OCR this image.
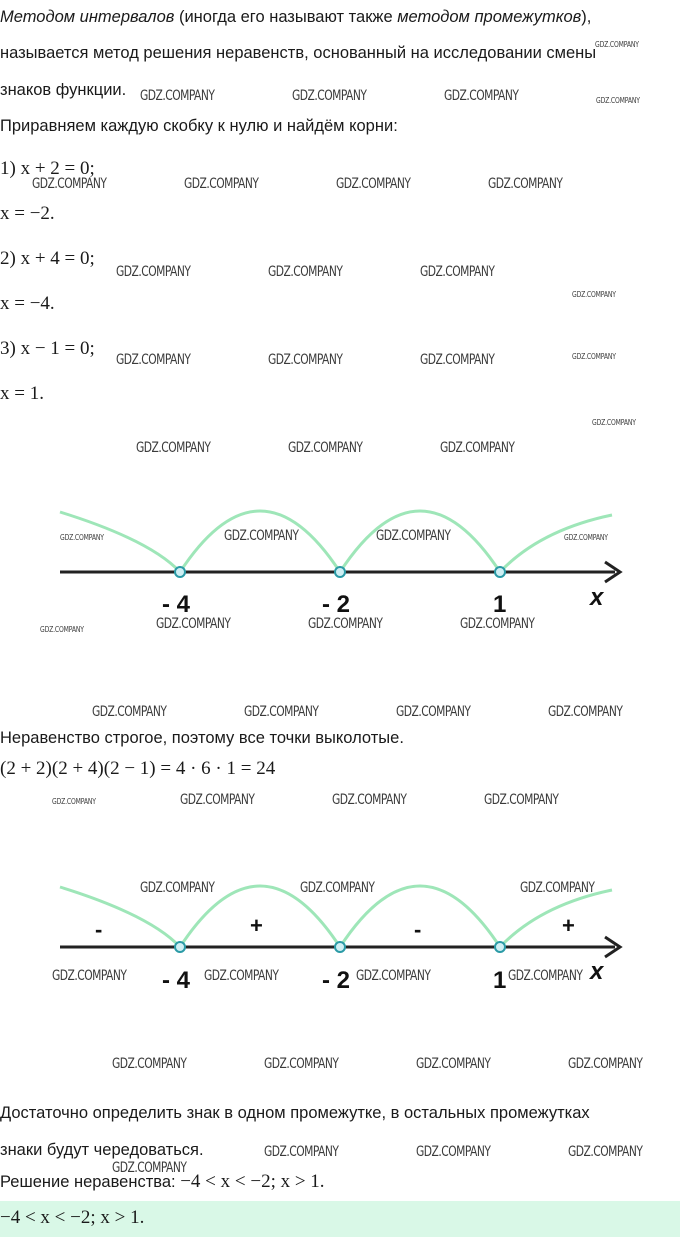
Методом интервалов (иногда его называют также методом промежутков),
называется метод решения неравенств, основанный на исследовании смены
знаков функции.
Приравняем каждую скобку к нулю и найдём корни:
1) x + 2 = 0;
x = −2.
2) x + 4 = 0;
x = −4.
3) x − 1 = 0;
x = 1.
- 4	- 2	1	x
Неравенство строгое, поэтому все точки выколотые.
(2 + 2)(2 + 4)(2 − 1) = 4 · 6 · 1 = 24
-	+	-	+
- 4	- 2	1	x
Достаточно определить знак в одном промежутке, в остальных промежутках
знаки будут чередоваться.
Решение неравенства: −4 < x < −2; x > 1.
−4 < x < −2; x > 1.
GDZ.COMPANY
GDZ.COMPANY	GDZ.COMPANY	GDZ.COMPANY	GDZ.COMPANY
GDZ.COMPANY	GDZ.COMPANY	GDZ.COMPANY	GDZ.COMPANY
GDZ.COMPANY	GDZ.COMPANY	GDZ.COMPANY
GDZ.COMPANY
GDZ.COMPANY	GDZ.COMPANY	GDZ.COMPANY	GDZ.COMPANY
GDZ.COMPANY
GDZ.COMPANY	GDZ.COMPANY	GDZ.COMPANY
GDZ.COMPANY	GDZ.COMPANY	GDZ.COMPANY	GDZ.COMPANY
GDZ.COMPANY	GDZ.COMPANY	GDZ.COMPANY	GDZ.COMPANY
GDZ.COMPANY	GDZ.COMPANY	GDZ.COMPANY	GDZ.COMPANY
GDZ.COMPANY	GDZ.COMPANY	GDZ.COMPANY	GDZ.COMPANY
GDZ.COMPANY	GDZ.COMPANY	GDZ.COMPANY
GDZ.COMPANY	GDZ.COMPANY	GDZ.COMPANY	GDZ.COMPANY
GDZ.COMPANY	GDZ.COMPANY	GDZ.COMPANY	GDZ.COMPANY
GDZ.COMPANY	GDZ.COMPANY	GDZ.COMPANY
GDZ.COMPANY
